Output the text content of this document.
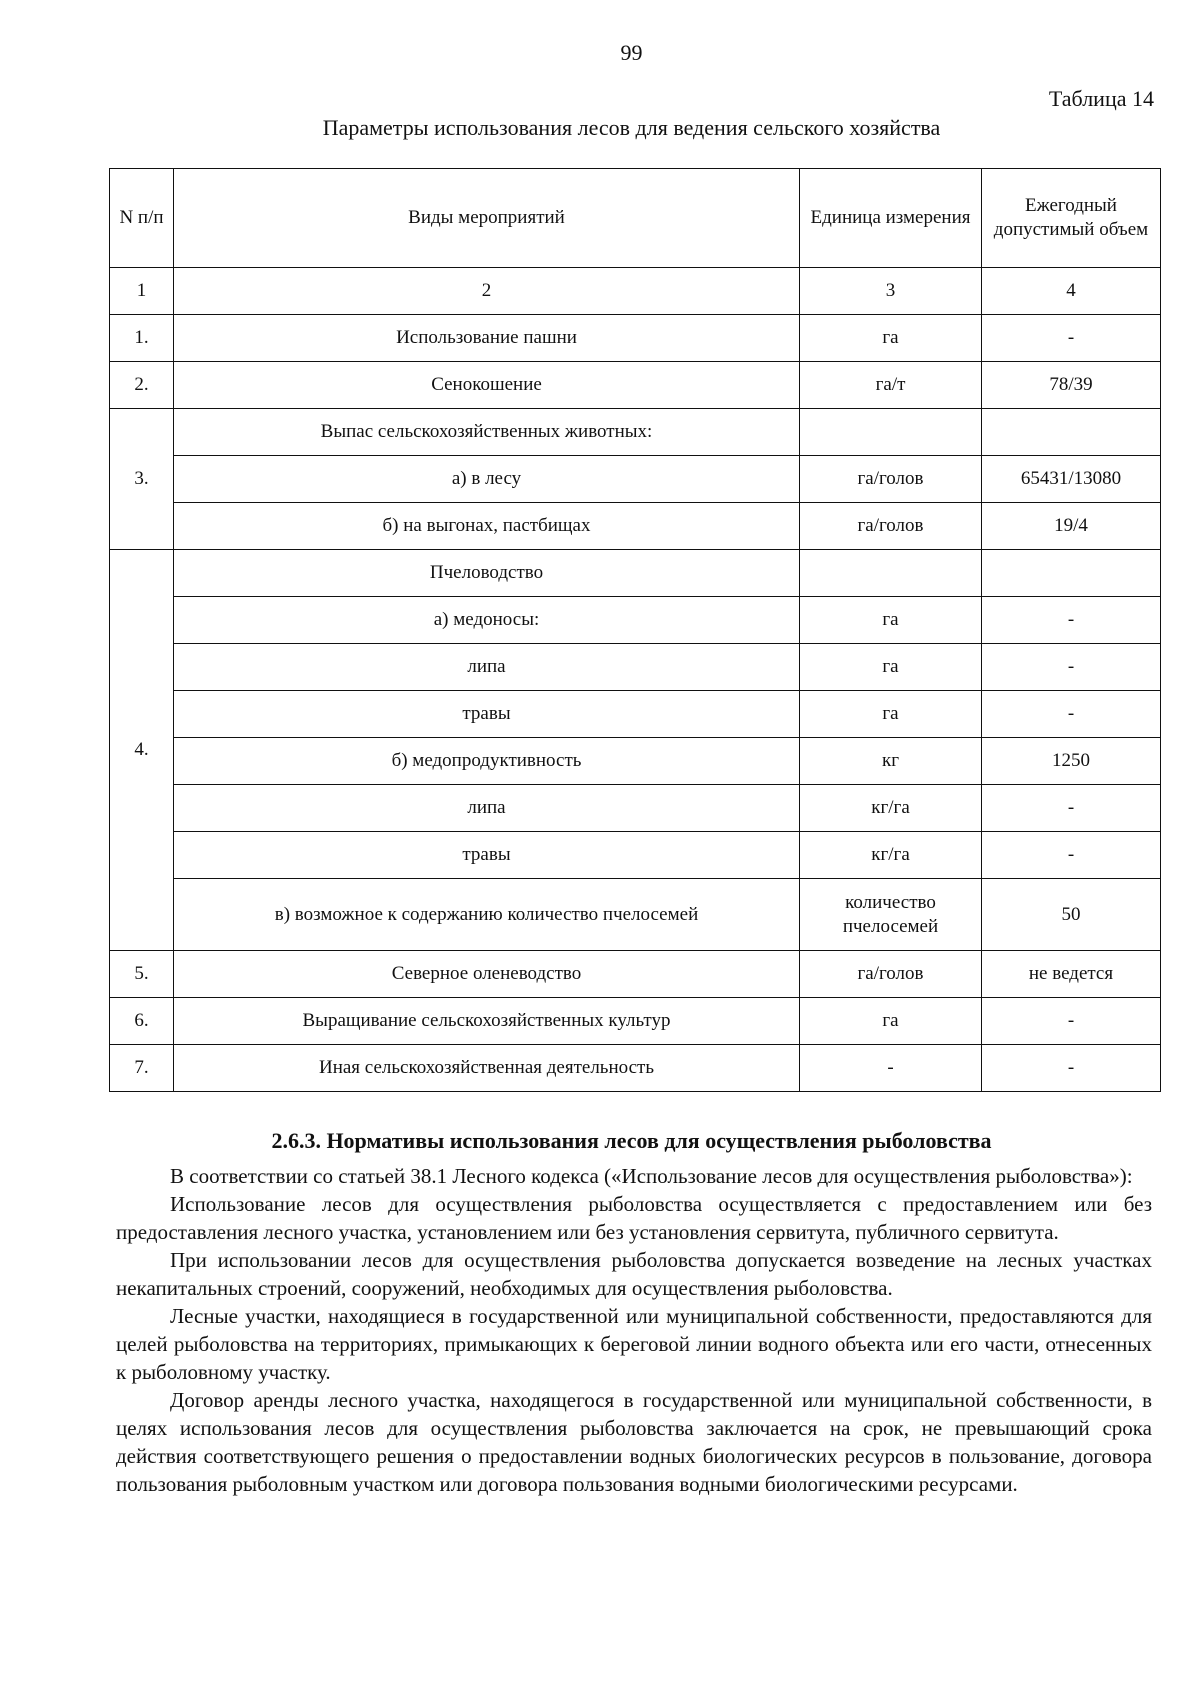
99
Таблица 14
Параметры использования лесов для ведения сельского хозяйства
N п/п	Виды мероприятий	Единица измерения	Ежегодный допустимый объем
1	2	3	4
1.	Использование пашни	га	-
2.	Сенокошение	га/т	78/39
3.	Выпас сельскохозяйственных животных:		
	а) в лесу	га/голов	65431/13080
	б) на выгонах, пастбищах	га/голов	19/4
4.	Пчеловодство		
	а) медоносы:	га	-
	липа	га	-
	травы	га	-
	б) медопродуктивность	кг	1250
	липа	кг/га	-
	травы	кг/га	-
	в) возможное к содержанию количество пчелосемей	количество пчелосемей	50
5.	Северное оленеводство	га/голов	не ведется
6.	Выращивание сельскохозяйственных культур	га	-
7.	Иная сельскохозяйственная деятельность	-	-
2.6.3. Нормативы использования лесов для осуществления рыболовства

В соответствии со статьей 38.1 Лесного кодекса («Использование лесов для осуществления рыболовства»):

Использование лесов для осуществления рыболовства осуществляется с предоставлением или без предоставления лесного участка, установлением или без установления сервитута, публичного сервитута.

При использовании лесов для осуществления рыболовства допускается возведение на лесных участках некапитальных строений, сооружений, необходимых для осуществления рыболовства.

Лесные участки, находящиеся в государственной или муниципальной собственности, предоставляются для целей рыболовства на территориях, примыкающих к береговой линии водного объекта или его части, отнесенных к рыболовному участку.

Договор аренды лесного участка, находящегося в государственной или муниципальной собственности, в целях использования лесов для осуществления рыболовства заключается на срок, не превышающий срока действия соответствующего решения о предоставлении водных биологических ресурсов в пользование, договора пользования рыболовным участком или договора пользования водными биологическими ресурсами.
